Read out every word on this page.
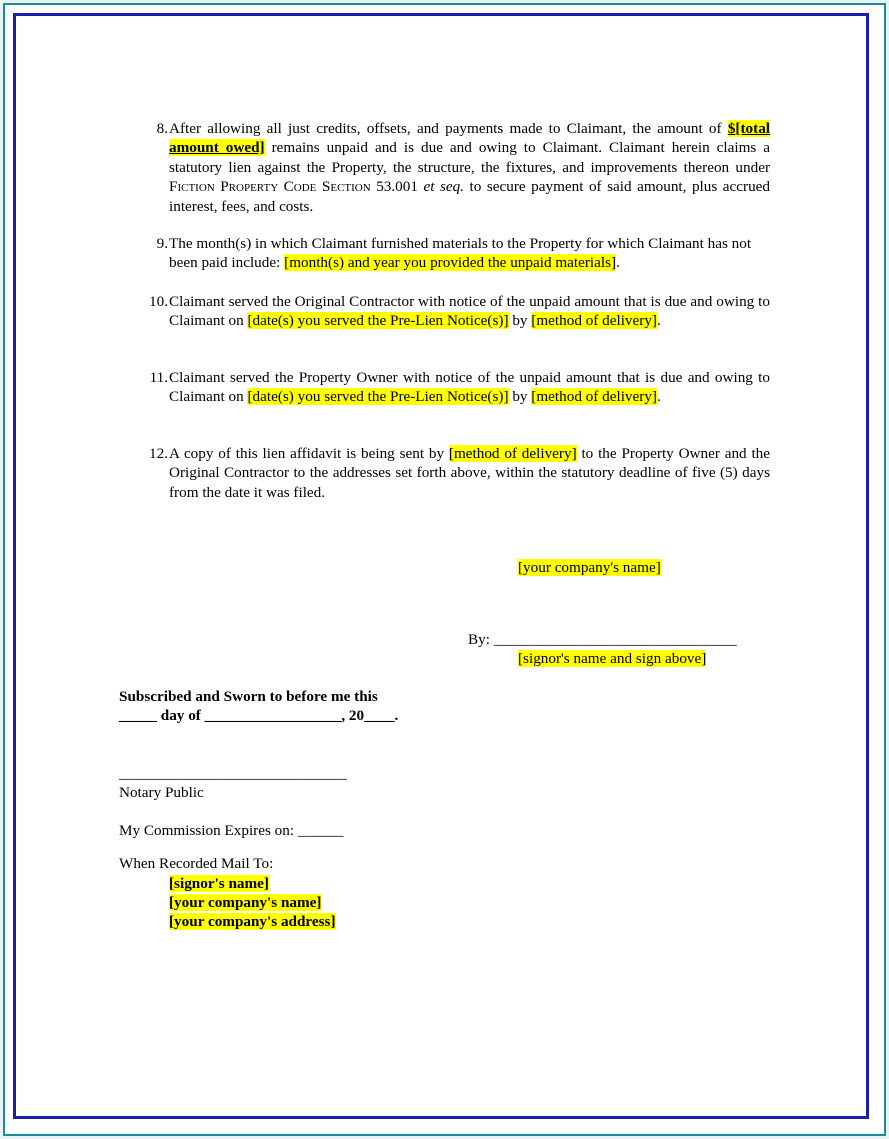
8. After allowing all just credits, offsets, and payments made to Claimant, the amount of $[total amount owed] remains unpaid and is due and owing to Claimant. Claimant herein claims a statutory lien against the Property, the structure, the fixtures, and improvements thereon under Fiction Property Code Section 53.001 et seq. to secure payment of said amount, plus accrued interest, fees, and costs.
9. The month(s) in which Claimant furnished materials to the Property for which Claimant has not been paid include: [month(s) and year you provided the unpaid materials].
10. Claimant served the Original Contractor with notice of the unpaid amount that is due and owing to Claimant on [date(s) you served the Pre-Lien Notice(s)] by [method of delivery].
11. Claimant served the Property Owner with notice of the unpaid amount that is due and owing to Claimant on [date(s) you served the Pre-Lien Notice(s)] by [method of delivery].
12. A copy of this lien affidavit is being sent by [method of delivery] to the Property Owner and the Original Contractor to the addresses set forth above, within the statutory deadline of five (5) days from the date it was filed.
[your company's name]
By: ________________________________
[signor's name and sign above]
Subscribed and Sworn to before me this
_____ day of __________________, 20____.
______________________________
Notary Public
My Commission Expires on: ______
When Recorded Mail To:
[signor's name]
[your company's name]
[your company's address]
